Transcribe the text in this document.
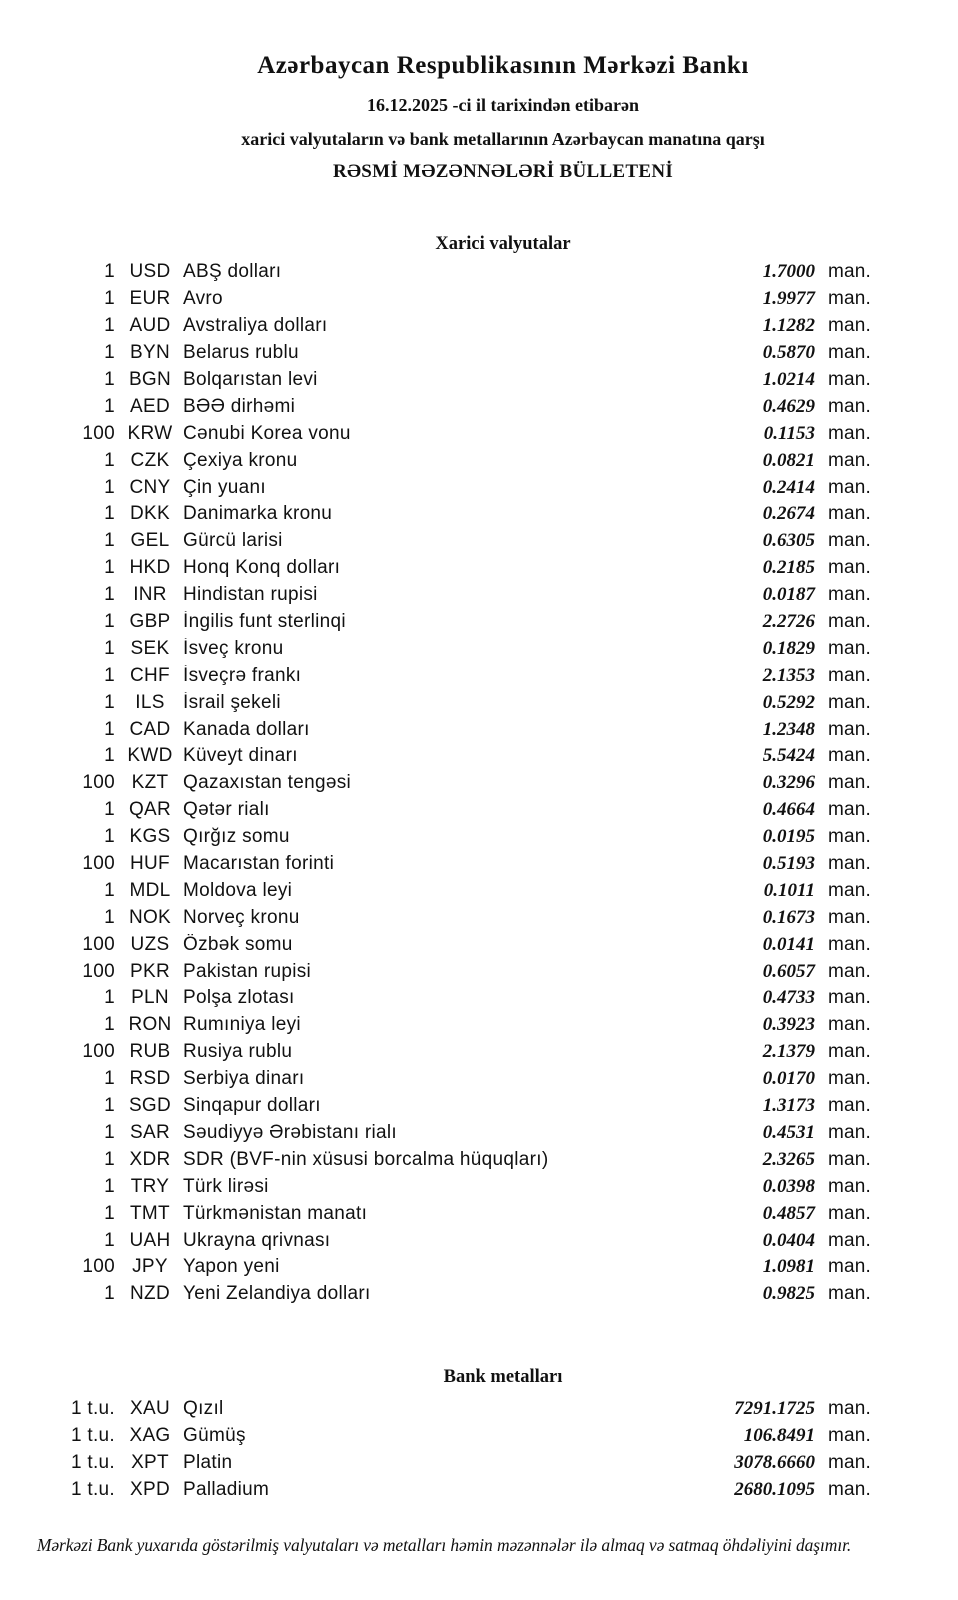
Azərbaycan Respublikasının Mərkəzi Bankı
16.12.2025 -ci il tarixindən etibarən
xarici valyutaların və bank metallarının Azərbaycan manatına qarşı
RƏSMİ MƏZƏNNƏLƏRİ BÜLLETENİ
Xarici valyutalar
1 USD ABŞ dolları	1.7000 man.
1 EUR Avro	1.9977 man.
1 AUD Avstraliya dolları	1.1282 man.
1 BYN Belarus rublu	0.5870 man.
1 BGN Bolqarıstan levi	1.0214 man.
1 AED BƏƏ dirhəmi	0.4629 man.
100 KRW Cənubi Korea vonu	0.1153 man.
1 CZK Çexiya kronu	0.0821 man.
1 CNY Çin yuanı	0.2414 man.
1 DKK Danimarka kronu	0.2674 man.
1 GEL Gürcü larisi	0.6305 man.
1 HKD Honq Konq dolları	0.2185 man.
1 INR Hindistan rupisi	0.0187 man.
1 GBP İngilis funt sterlinqi	2.2726 man.
1 SEK İsveç kronu	0.1829 man.
1 CHF İsveçrə frankı	2.1353 man.
1	ILS İsrail şekeli	0.5292 man.
1 CAD Kanada dolları	1.2348 man.
1 KWD Küveyt dinarı	5.5424 man.
100 KZT Qazaxıstan tengəsi	0.3296 man.
1 QAR Qətər rialı	0.4664 man.
1 KGS Qırğız somu	0.0195 man.
100 HUF Macarıstan forinti	0.5193 man.
1 MDL Moldova leyi	0.1011 man.
1 NOK Norveç kronu	0.1673 man.
100 UZS Özbək somu	0.0141 man.
100 PKR Pakistan rupisi	0.6057 man.
1 PLN Polşa zlotası	0.4733 man.
1 RON Rumıniya leyi	0.3923 man.
100 RUB Rusiya rublu	2.1379 man.
1 RSD Serbiya dinarı	0.0170 man.
1 SGD Sinqapur dolları	1.3173 man.
1 SAR Səudiyyə Ərəbistanı rialı	0.4531 man.
1 XDR SDR (BVF-nin xüsusi borcalma hüquqları)	2.3265 man.
1 TRY Türk lirəsi	0.0398 man.
1 TMT Türkmənistan manatı	0.4857 man.
1 UAH Ukrayna qrivnası	0.0404 man.
100 JPY Yapon yeni	1.0981 man.
1 NZD Yeni Zelandiya dolları	0.9825 man.
Bank metalları
1 t.u. XAU Qızıl	7291.1725 man.
1 t.u. XAG Gümüş	106.8491 man.
1 t.u. XPT Platin	3078.6660 man.
1 t.u. XPD Palladium	2680.1095 man.
Mərkəzi Bank yuxarıda göstərilmiş valyutaları və metalları həmin məzənnələr ilə almaq və satmaq öhdəliyini daşımır.
